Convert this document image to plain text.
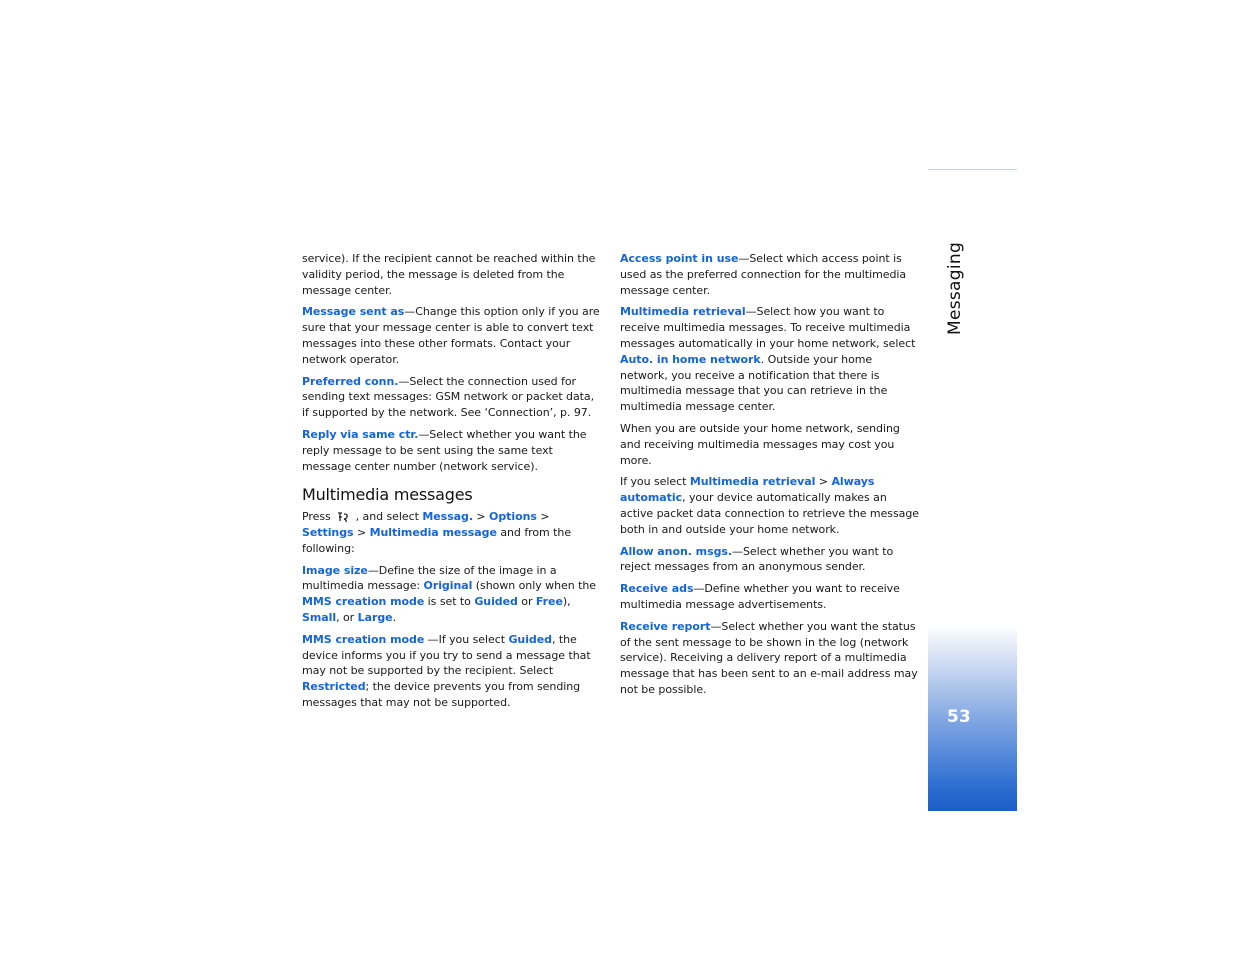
service). If the recipient cannot be reached within the validity period, the message is deleted from the message center.

Message sent as—Change this option only if you are sure that your message center is able to convert text messages into these other formats. Contact your network operator.

Preferred conn.—Select the connection used for sending text messages: GSM network or packet data, if supported by the network. See ‘Connection’, p. 97.

Reply via same ctr.—Select whether you want the reply message to be sent using the same text message center number (network service).

Multimedia messages

Press , and select Messag. > Options > Settings > Multimedia message and from the following:

Image size—Define the size of the image in a multimedia message: Original (shown only when the MMS creation mode is set to Guided or Free), Small, or Large.

MMS creation mode —If you select Guided, the device informs you if you try to send a message that may not be supported by the recipient. Select Restricted; the device prevents you from sending messages that may not be supported.

Access point in use—Select which access point is used as the preferred connection for the multimedia message center.

Multimedia retrieval—Select how you want to receive multimedia messages. To receive multimedia messages automatically in your home network, select Auto. in home network. Outside your home network, you receive a notification that there is multimedia message that you can retrieve in the multimedia message center.

When you are outside your home network, sending and receiving multimedia messages may cost you more.

If you select Multimedia retrieval > Always automatic, your device automatically makes an active packet data connection to retrieve the message both in and outside your home network.

Allow anon. msgs.—Select whether you want to reject messages from an anonymous sender.

Receive ads—Define whether you want to receive multimedia message advertisements.

Receive report—Select whether you want the status of the sent message to be shown in the log (network service). Receiving a delivery report of a multimedia message that has been sent to an e-mail address may not be possible.

Messaging
53
